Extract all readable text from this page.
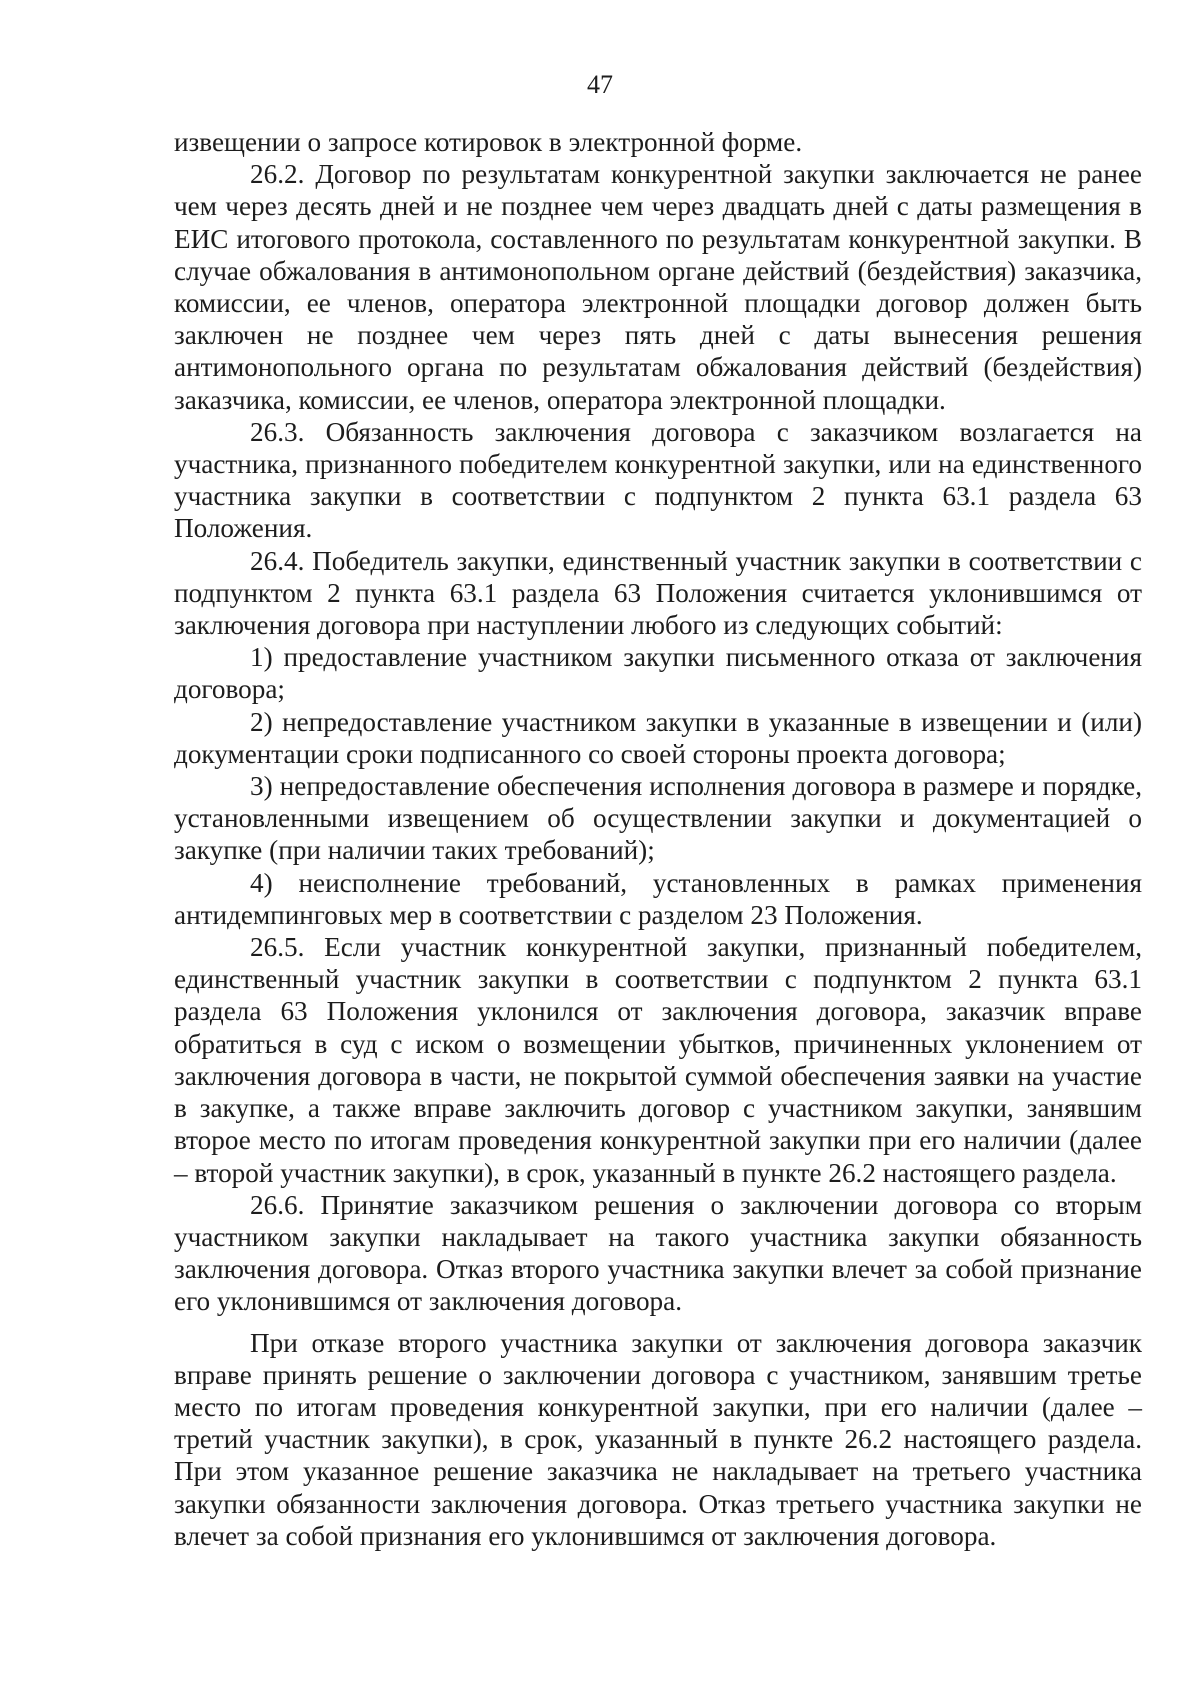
47

извещении о запросе котировок в электронной форме.

26.2. Договор по результатам конкурентной закупки заключается не ранее чем через десять дней и не позднее чем через двадцать дней с даты размещения в ЕИС итогового протокола, составленного по результатам конкурентной закупки. В случае обжалования в антимонопольном органе действий (бездействия) заказчика, комиссии, ее членов, оператора электронной площадки договор должен быть заключен не позднее чем через пять дней с даты вынесения решения антимонопольного органа по результатам обжалования действий (бездействия) заказчика, комиссии, ее членов, оператора электронной площадки.

26.3. Обязанность заключения договора с заказчиком возлагается на участника, признанного победителем конкурентной закупки, или на единственного участника закупки в соответствии с подпунктом 2 пункта 63.1 раздела 63 Положения.

26.4. Победитель закупки, единственный участник закупки в соответствии с подпунктом 2 пункта 63.1 раздела 63 Положения считается уклонившимся от заключения договора при наступлении любого из следующих событий:

1) предоставление участником закупки письменного отказа от заключения договора;

2) непредоставление участником закупки в указанные в извещении и (или) документации сроки подписанного со своей стороны проекта договора;

3) непредоставление обеспечения исполнения договора в размере и порядке, установленными извещением об осуществлении закупки и документацией о закупке (при наличии таких требований);

4) неисполнение требований, установленных в рамках применения антидемпинговых мер в соответствии с разделом 23 Положения.

26.5. Если участник конкурентной закупки, признанный победителем, единственный участник закупки в соответствии с подпунктом 2 пункта 63.1 раздела 63 Положения уклонился от заключения договора, заказчик вправе обратиться в суд с иском о возмещении убытков, причиненных уклонением от заключения договора в части, не покрытой суммой обеспечения заявки на участие в закупке, а также вправе заключить договор с участником закупки, занявшим второе место по итогам проведения конкурентной закупки при его наличии (далее – второй участник закупки), в срок, указанный в пункте 26.2 настоящего раздела.

26.6. Принятие заказчиком решения о заключении договора со вторым участником закупки накладывает на такого участника закупки обязанность заключения договора. Отказ второго участника закупки влечет за собой признание его уклонившимся от заключения договора.

При отказе второго участника закупки от заключения договора заказчик вправе принять решение о заключении договора с участником, занявшим третье место по итогам проведения конкурентной закупки, при его наличии (далее – третий участник закупки), в срок, указанный в пункте 26.2 настоящего раздела. При этом указанное решение заказчика не накладывает на третьего участника закупки обязанности заключения договора. Отказ третьего участника закупки не влечет за собой признания его уклонившимся от заключения договора.
